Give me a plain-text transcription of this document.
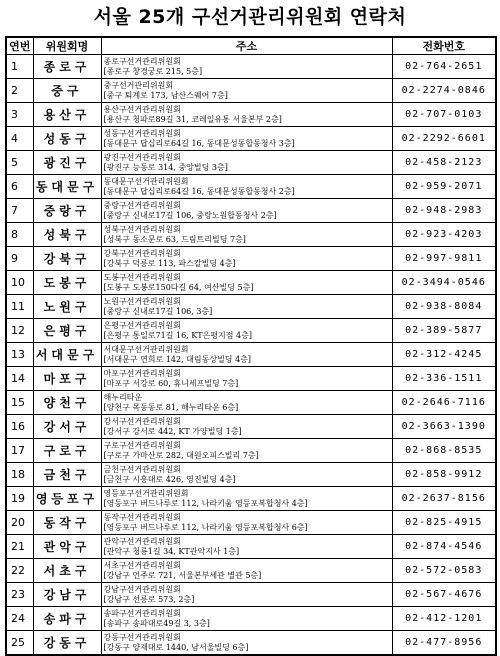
서울 25개 구선거관리위원회 연락처
연번	위원회명	주소	전화번호
1	종로구	종로구선거관리위원회
[종로구 창경궁로 215, 5층]	02-764-2651
2	중구	중구선거관리위원회
[중구 퇴계로 173, 남산스퀘어 7층]	02-2274-0846
3	용산구	용산구선거관리위원회
[용산구 청파로89길 31, 코레일유통 서울본부 2층]	02-707-0103
4	성동구	성동구선거관리위원회
[동대문구 답십리로64길 16, 동대문성동합동청사 3층]	02-2292-6601
5	광진구	광진구선거관리위원회
[광진구 능동로 314, 중앙빌딩 3층]	02-458-2123
6	동대문구	동대문구선거관리위원회
[동대문구 답십리로64길 16, 동대문성동합동청사 2층]	02-959-2071
7	중랑구	중랑구선거관리위원회
[중랑구 신내로17길 106, 중랑노원합동청사 2층]	02-948-2983
8	성북구	성북구선거관리위원회
[성북구 동소문로 63, 드림트리빌딩 7층]	02-923-4203
9	강북구	강북구선거관리위원회
[강북구 덕릉로 113, 파스칼빌딩 4층]	02-997-9811
10	도봉구	도봉구선거관리위원회
[도봉구 도봉로150다길 64, 여산빌딩 5층]	02-3494-0546
11	노원구	노원구선거관리위원회
[중랑구 신내로17길 106, 3층]	02-938-8084
12	은평구	은평구선거관리위원회
[은평구 통일로71길 16, KT은평지점 4층]	02-389-5877
13	서대문구	서대문구선거관리위원회
[서대문구 연희로 142, 대림동상빌딩 4층]	02-312-4245
14	마포구	마포구선거관리위원회
[마포구 서강로 60, 휴니세프빌딩 7층]	02-336-1511
15	양천구	해누리타운
[양천구 목동동로 81, 해누리타운 6층]	02-2646-7116
16	강서구	강서구선거관리위원회
[강서구 강서로 442, KT 가양빌딩 1층]	02-3663-1390
17	구로구	구로구선거관리위원회
[구로구 가마산로 282, 대원오피스빌리 7층]	02-868-8535
18	금천구	금천구선거관리위원회
[금천구 시흥대로 426, 영진빌딩 4층]	02-858-9912
19	영등포구	영등포구선거관리위원회
[영등포구 버드나루로 112, 나라키움 영등포복합청사 4층]	02-2637-8156
20	동작구	동작구선거관리위원회
[영등포구 버드나루로 112, 나라키움 영등포복합청사 6층]	02-825-4915
21	관악구	관악구선거관리위원회
[관악구 청룡1길 34, KT관악지사 1층]	02-874-4546
22	서초구	서초구선거관리위원회
[강남구 언주로 721, 서울본부세관 별관 5층]	02-572-0583
23	강남구	강남구선거관리위원회
[강남구 선릉로 573, 2층]	02-567-4676
24	송파구	송파구선거관리위원회
[송파구 송파대로49길 3, 3층]	02-412-1201
25	강동구	강동구선거관리위원회
[강동구 양재대로 1440, 남서울빌딩 6층]	02-477-8956
